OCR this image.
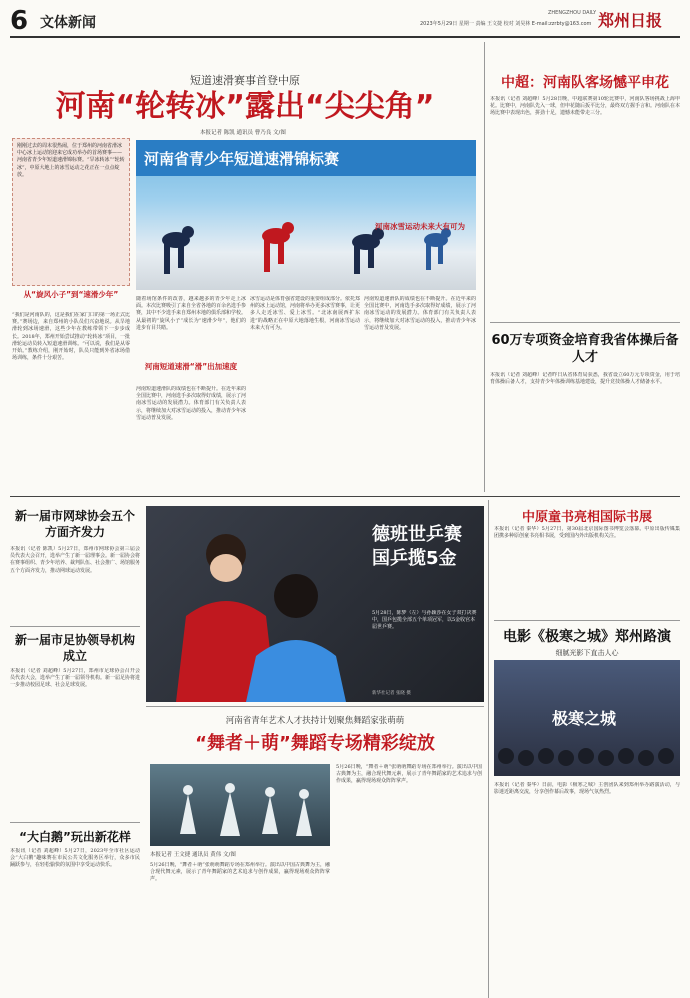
6 文体新闻
ZHENGZHOU DAILY
2023年5月29日 星期一 责编 王文捷 校对 刘昊林 E-mail:zzrbty@163.com 郑州日报
短道速滑赛事首登中原
河南“轮转冰”露出“尖尖角”
本报记者 陈凯 通讯员 曹乃良 文/图
刚刚过去的周末很热闹，位于郑州的河南省滑冰中心冰上运动馆迎来它成功举办的首场赛事——河南省青少年短道速滑锦标赛。“旱冰转冰”“轮转冰”，中原大地上的冰雪运动之花正在一点点绽放。
从“旋风小子”到“速滑少年”
“我们是河南队的，这是我们在家门口的第一场正式比赛。”赛场边，来自郑州的小队员们兴奋地说。从旱地滑轮到冰场速滑，这些少年在教练带领下一步步成长。2018年，郑州开始尝试推动“轮转冰”项目，一批滑轮运动员转入短道速滑训练。“可以说，我们是从零开始。”教练介绍，刚开始时，队员只能到外省冰场借场训练，条件十分艰苦。
河南省青少年短道速滑锦标赛
随着场馆条件的改善，越来越多的青少年走上冰面。本次比赛吸引了来自全省各地的百余名选手参赛，其中不少选手来自郑州本地的俱乐部和学校。从最初的“旋风小子”成长为“速滑少年”，他们的进步有目共睹。
河南短道速滑“滑”出加速度
河南短道速滑队的成绩也在不断提升。在近年来的全国比赛中，河南选手多次取得好成绩，展示了河南冰雪运动的发展潜力。体育部门有关负责人表示，将继续加大对冰雪运动的投入，推动青少年冰雪运动普及发展。
冰雪运动是体育强省建设的重要组成部分。依托郑州的冰上运动馆，河南将举办更多冰雪赛事，让更多人走近冰雪、爱上冰雪。“北冰南展西扩东进”的战略正在中原大地落地生根，河南冰雪运动未来大有可为。
河南冰雪运动未来大有可为
河南短道速滑队的成绩也在不断提升。在近年来的全国比赛中，河南选手多次取得好成绩，展示了河南冰雪运动的发展潜力。体育部门有关负责人表示，将继续加大对冰雪运动的投入，推动青少年冰雪运动普及发展。
中超：河南队客场憾平申花
本报讯（记者 刘超峰）5月28日晚，中超联赛第10轮比赛中，河南队客场挑战上海申花。比赛中，河南队先入一球，但申花随后扳平比分，最终双方握手言和。河南队在本场比赛中表现出色，拼劲十足，遗憾未能带走三分。
60万专项资金培育我省体操后备人才
本报讯（记者 刘超峰）记者昨日从省体育局获悉，我省设立60万元专项资金，用于培育体操后备人才，支持青少年体操训练基地建设，提升竞技体操人才储备水平。
新一届市网球协会五个方面齐发力
本报讯（记者 陈凯）5月27日，郑州市网球协会第三届会员代表大会召开，选举产生了新一届理事会。新一届协会将在赛事组织、青少年培养、裁判队伍、社会推广、场馆服务五个方面齐发力，推动网球运动发展。
新一届市足协领导机构成立
本报讯（记者 刘超峰）5月27日，郑州市足球协会召开会员代表大会，选举产生了新一届领导机构。新一届足协将进一步推动校园足球、社会足球发展。
“大白鹅”玩出新花样
本报讯（记者 刘超峰）5月27日，2023年全市社区运动会“大白鹅”趣味赛在市民公共文化服务区举行，众多市民踊跃参与，在轻松愉快的氛围中享受运动快乐。
德班世乒赛
国乒揽5金
5月28日，陈梦（左）与孙颖莎在女子双打决赛中，国乒包揽全部五个单项冠军，以5金收官本届世乒赛。
新华社记者 张晓 摄
中原童书亮相国际书展
本报讯（记者 秦华）5月27日，第30届北京国际图书博览会落幕。中原出版传媒集团携多种原创童书亮相书展，受到国内外出版机构关注。
电影《极寒之城》郑州路演
细腻光影下直击人心
极寒之城
本报讯（记者 秦华）日前，电影《极寒之城》主创团队来到郑州举办路演活动，与影迷近距离交流，分享创作幕后故事，现场气氛热烈。
河南省青年艺术人才扶持计划聚焦舞蹈家张萌萌
“舞者＋萌”舞蹈专场精彩绽放
本报记者 王文捷 通讯员 黄伟 文/图
5月26日晚，“舞者＋萌”张萌萌舞蹈专场在郑州举行。演出以中国古典舞为主，融合现代舞元素，展示了青年舞蹈家的艺术追求与创作成果，赢得现场观众阵阵掌声。
5月26日晚，“舞者＋萌”张萌萌舞蹈专场在郑州举行。演出以中国古典舞为主，融合现代舞元素，展示了青年舞蹈家的艺术追求与创作成果，赢得现场观众阵阵掌声。
